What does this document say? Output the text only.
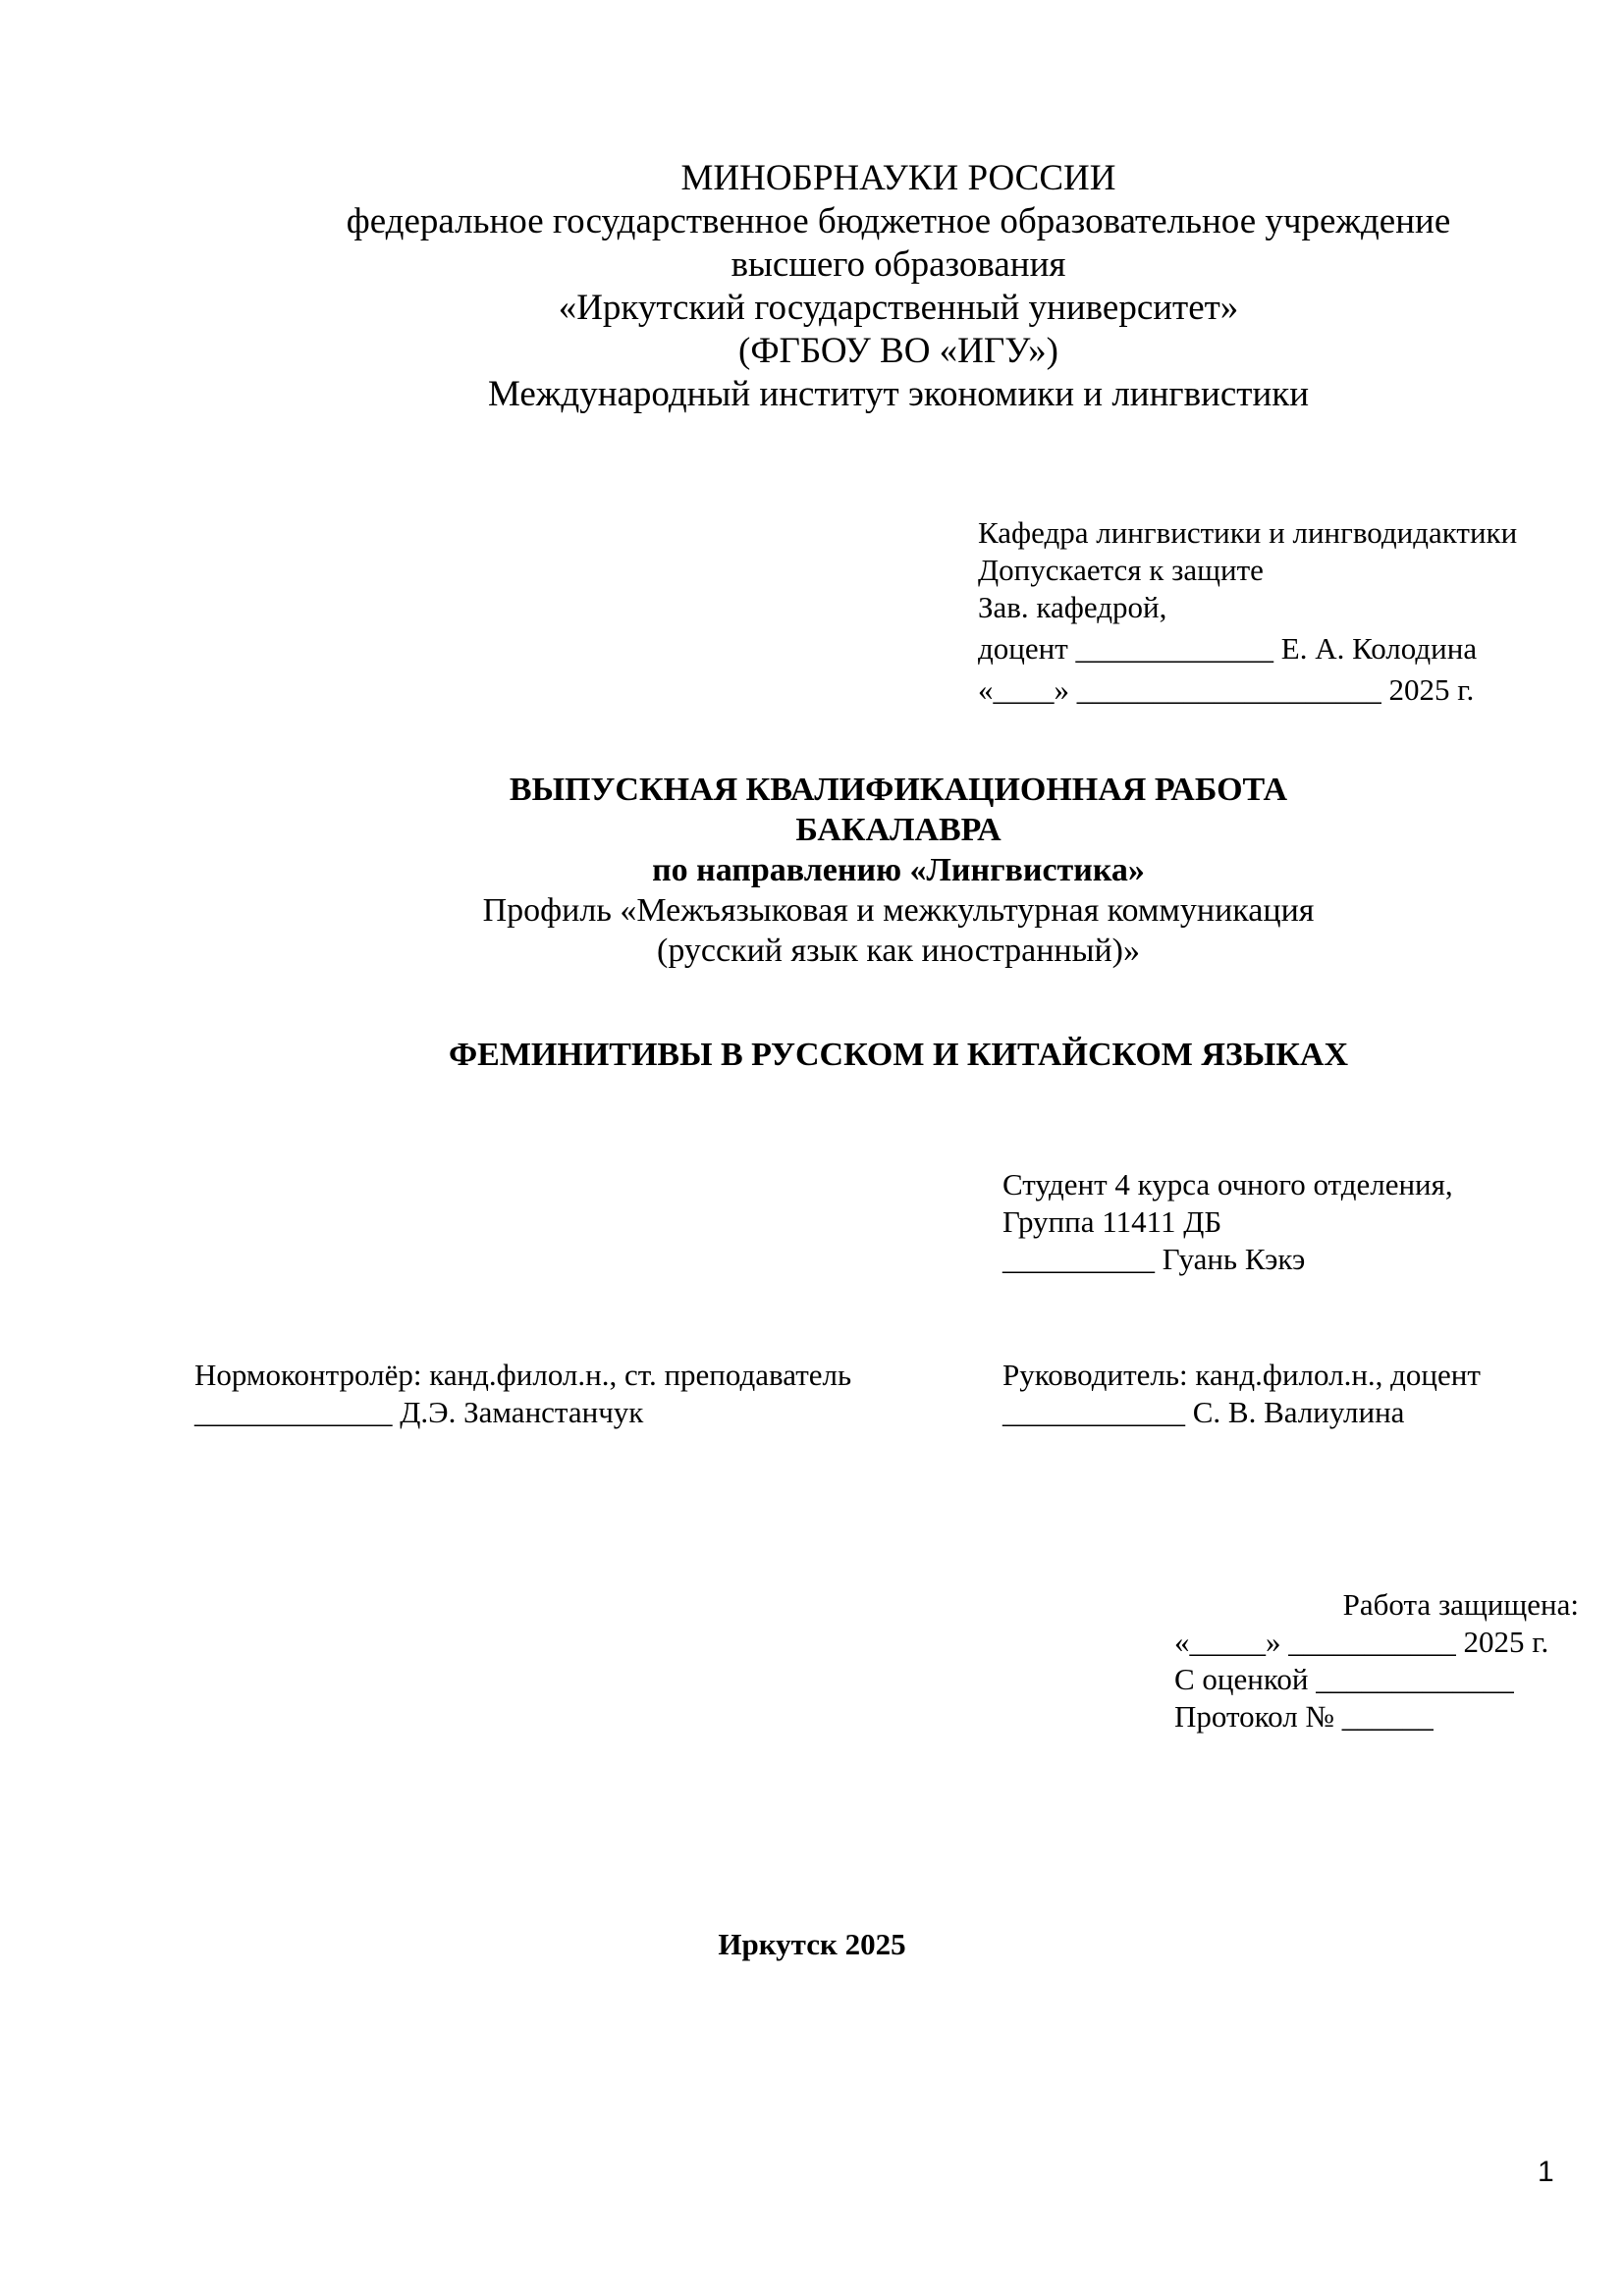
МИНОБРНАУКИ РОССИИ
федеральное государственное бюджетное образовательное учреждение
высшего образования
«Иркутский государственный университет»
(ФГБОУ ВО «ИГУ»)
Международный институт экономики и лингвистики
Кафедра лингвистики и лингводидактики
Допускается к защите
Зав. кафедрой,
доцент _____________ Е. А. Колодина
«____» ____________________ 2025 г.
ВЫПУСКНАЯ КВАЛИФИКАЦИОННАЯ РАБОТА
БАКАЛАВРА
по направлению «Лингвистика»
Профиль «Межъязыковая и межкультурная коммуникация
(русский язык как иностранный)»
ФЕМИНИТИВЫ В РУССКОМ И КИТАЙСКОМ ЯЗЫКАХ
Студент 4 курса очного отделения,
Группа 11411 ДБ
__________ Гуань Кэкэ
Нормоконтролёр: канд.филол.н., ст. преподаватель
_____________ Д.Э. Заманстанчук
Руководитель: канд.филол.н., доцент
____________ С. В. Валиулина
Работа защищена:
«_____» ___________ 2025 г.
С оценкой _____________
Протокол № ______
Иркутск 2025
1
